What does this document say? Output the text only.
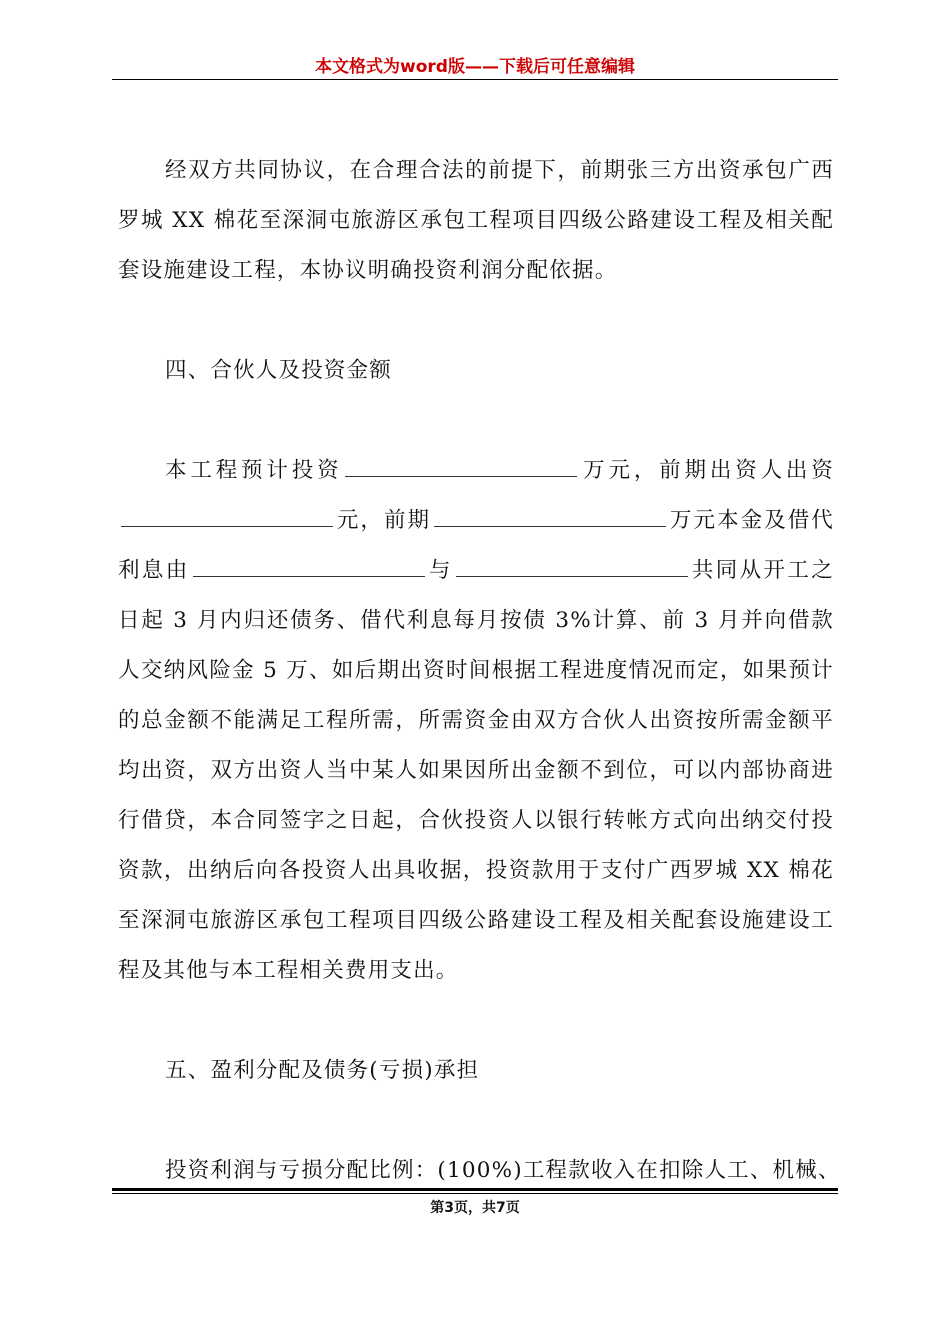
本文格式为word版——下载后可任意编辑

经双方共同协议，在合理合法的前提下，前期张三方出资承包广西罗城 XX 棉花至深洞屯旅游区承包工程项目四级公路建设工程及相关配套设施建设工程，本协议明确投资利润分配依据。

四、合伙人及投资金额

本工程预计投资	万元，前期出资人出资元，前期	万元本金及借代利息由	与	共同从开工之日起 3 月内归还债务、借代利息每月按债 3%计算、前 3 月并向借款人交纳风险金 5 万、如后期出资时间根据工程进度情况而定，如果预计的总金额不能满足工程所需，所需资金由双方合伙人出资按所需金额平均出资，双方出资人当中某人如果因所出金额不到位，可以内部协商进行借贷，本合同签字之日起，合伙投资人以银行转帐方式向出纳交付投资款，出纳后向各投资人出具收据，投资款用于支付广西罗城 XX 棉花至深洞屯旅游区承包工程项目四级公路建设工程及相关配套设施建设工程及其他与本工程相关费用支出。

五、盈利分配及债务(亏损)承担

投资利润与亏损分配比例：(100%)工程款收入在扣除人工、机械、

第3页，共7页
